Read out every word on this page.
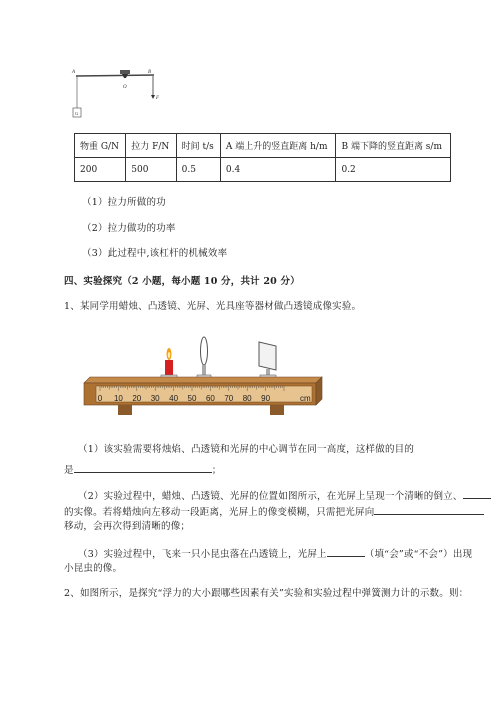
A
O
B
F
G
物重 G/N	拉力 F/N	时间 t/s	A 端上升的竖直距离 h/m	B 端下降的竖直距离 s/m
200	500	0.5	0.4	0.2
（1）拉力所做的功
（2）拉力做功的功率
（3）此过程中,该杠杆的机械效率
四、实验探究（2 小题，每小题 10 分，共计 20 分）
1、某同学用蜡烛、凸透镜、光屏、光具座等器材做凸透镜成像实验。
0 10 20 30 40 50 60 70 80 90	cm
（1）该实验需要将烛焰、凸透镜和光屏的中心调节在同一高度，这样做的目的
是	；
（2）实验过程中，蜡烛、凸透镜、光屏的位置如图所示，在光屏上呈现一个清晰的倒立、
的实像。若将蜡烛向左移动一段距离，光屏上的像变模糊，只需把光屏向
移动，会再次得到清晰的像；
（3）实验过程中，飞来一只小昆虫落在凸透镜上，光屏上	（填“会”或“不会”）出现
小昆虫的像。
2、如图所示，是探究“浮力的大小跟哪些因素有关”实验和实验过程中弹簧测力计的示数。则：
